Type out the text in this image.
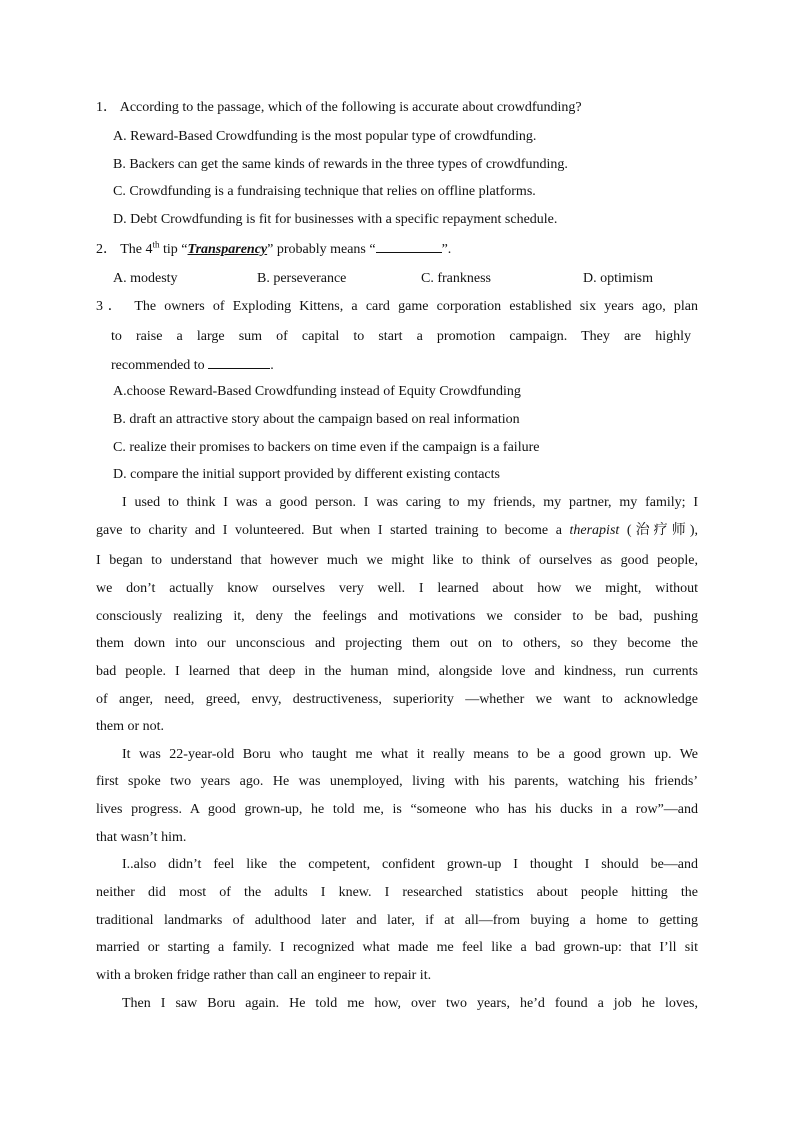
1． According to the passage, which of the following is accurate about crowdfunding?
A. Reward-Based Crowdfunding is the most popular type of crowdfunding.
B. Backers can get the same kinds of rewards in the three types of crowdfunding.
C. Crowdfunding is a fundraising technique that relies on offline platforms.
D. Debt Crowdfunding is fit for businesses with a specific repayment schedule.
2． The 4th tip “Transparency” probably means “	”.
A. modesty	B. perseverance	C. frankness	D. optimism
3． The owners of Exploding Kittens, a card game corporation established six years ago, plan
to raise a large sum of capital to start a promotion campaign. They are highly
recommended to	.
A.choose Reward-Based Crowdfunding instead of Equity Crowdfunding
B. draft an attractive story about the campaign based on real information
C. realize their promises to backers on time even if the campaign is a failure
D. compare the initial support provided by different existing contacts
I used to think I was a good person. I was caring to my friends, my partner, my family; I
gave to charity and I volunteered. But when I started training to become a therapist (治疗师),
I began to understand that however much we might like to think of ourselves as good people,
we don’t actually know ourselves very well. I learned about how we might, without
consciously realizing it, deny the feelings and motivations we consider to be bad, pushing
them down into our unconscious and projecting them out on to others, so they become the
bad people. I learned that deep in the human mind, alongside love and kindness, run currents
of anger, need, greed, envy, destructiveness, superiority —whether we want to acknowledge
them or not.
It was 22-year-old Boru who taught me what it really means to be a good grown up. We
first spoke two years ago. He was unemployed, living with his parents, watching his friends’
lives progress. A good grown-up, he told me, is “someone who has his ducks in a row”—and
that wasn’t him.
I..also didn’t feel like the competent, confident grown-up I thought I should be—and
neither did most of the adults I knew. I researched statistics about people hitting the
traditional landmarks of adulthood later and later, if at all—from buying a home to getting
married or starting a family. I recognized what made me feel like a bad grown-up: that I’ll sit
with a broken fridge rather than call an engineer to repair it.
Then I saw Boru again. He told me how, over two years, he’d found a job he loves,
